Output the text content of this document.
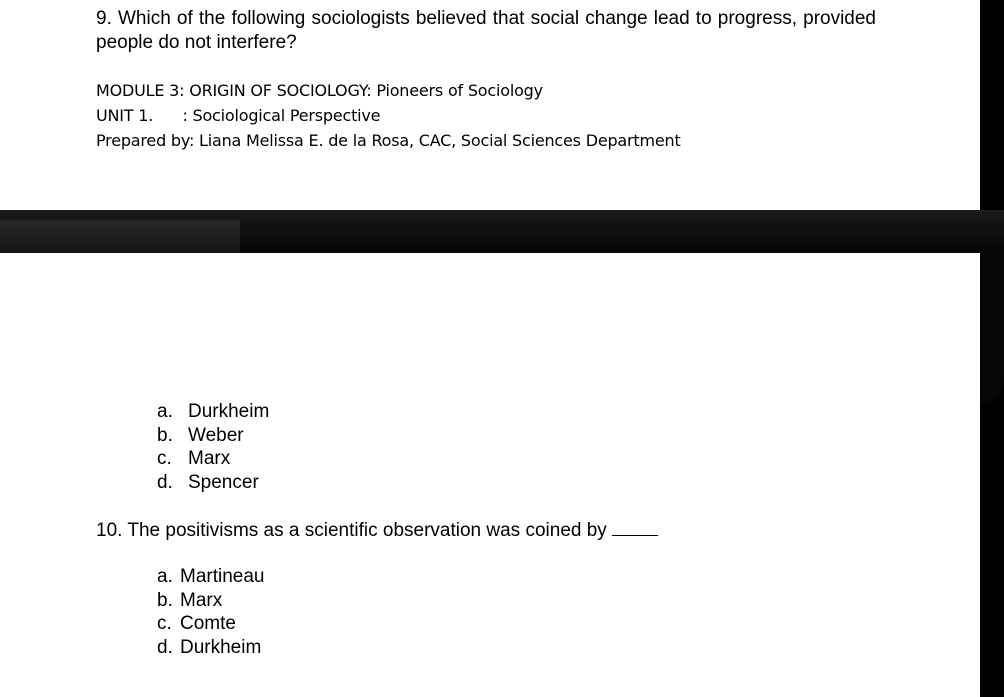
9. Which of the following sociologists believed that social change lead to progress, provided people do not interfere?

MODULE 3: ORIGIN OF SOCIOLOGY: Pioneers of Sociology
UNIT 1.      : Sociological Perspective
Prepared by: Liana Melissa E. de la Rosa, CAC, Social Sciences Department
a. Durkheim
b. Weber
c. Marx
d. Spencer

10. The positivisms as a scientific observation was coined by

a. Martineau
b. Marx
c. Comte
d. Durkheim
